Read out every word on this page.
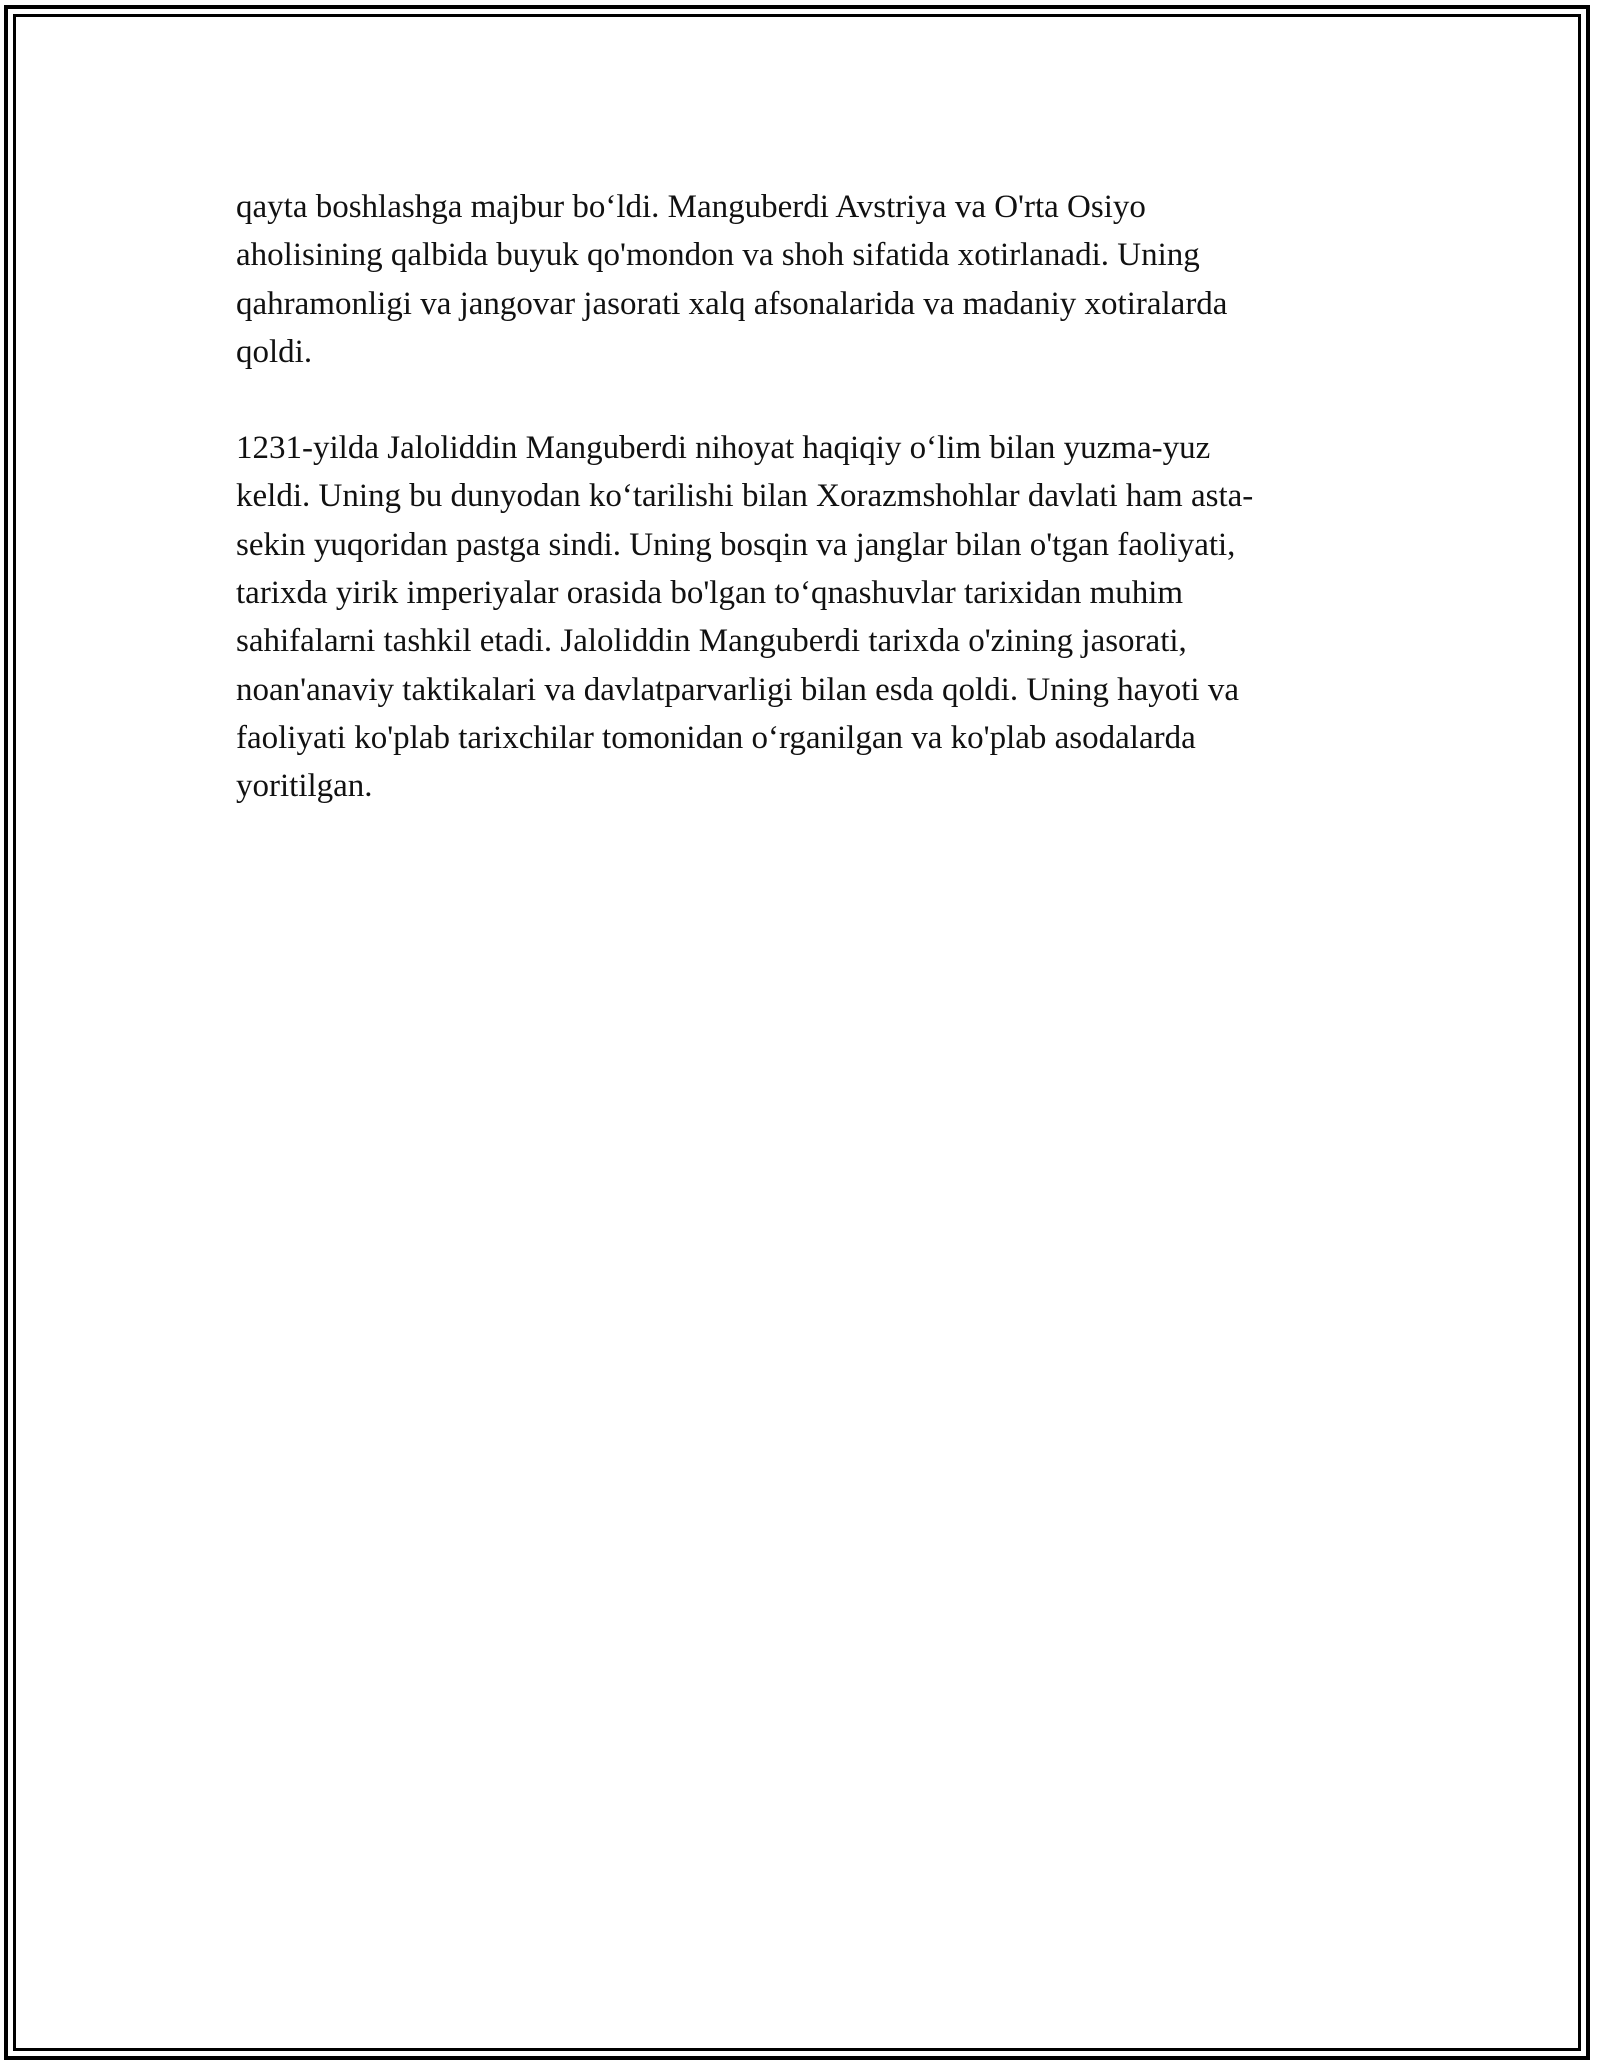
qayta boshlashga majbur boʻldi. Manguberdi Avstriya va O'rta Osiyo
aholisining qalbida buyuk qo'mondon va shoh sifatida xotirlanadi. Uning
qahramonligi va jangovar jasorati xalq afsonalarida va madaniy xotiralarda
qoldi.

1231-yilda Jaloliddin Manguberdi nihoyat haqiqiy oʻlim bilan yuzma-yuz
keldi. Uning bu dunyodan koʻtarilishi bilan Xorazmshohlar davlati ham asta-
sekin yuqoridan pastga sindi. Uning bosqin va janglar bilan o'tgan faoliyati,
tarixda yirik imperiyalar orasida bo'lgan toʻqnashuvlar tarixidan muhim
sahifalarni tashkil etadi. Jaloliddin Manguberdi tarixda o'zining jasorati,
noan'anaviy taktikalari va davlatparvarligi bilan esda qoldi. Uning hayoti va
faoliyati ko'plab tarixchilar tomonidan oʻrganilgan va ko'plab asodalarda
yoritilgan.
